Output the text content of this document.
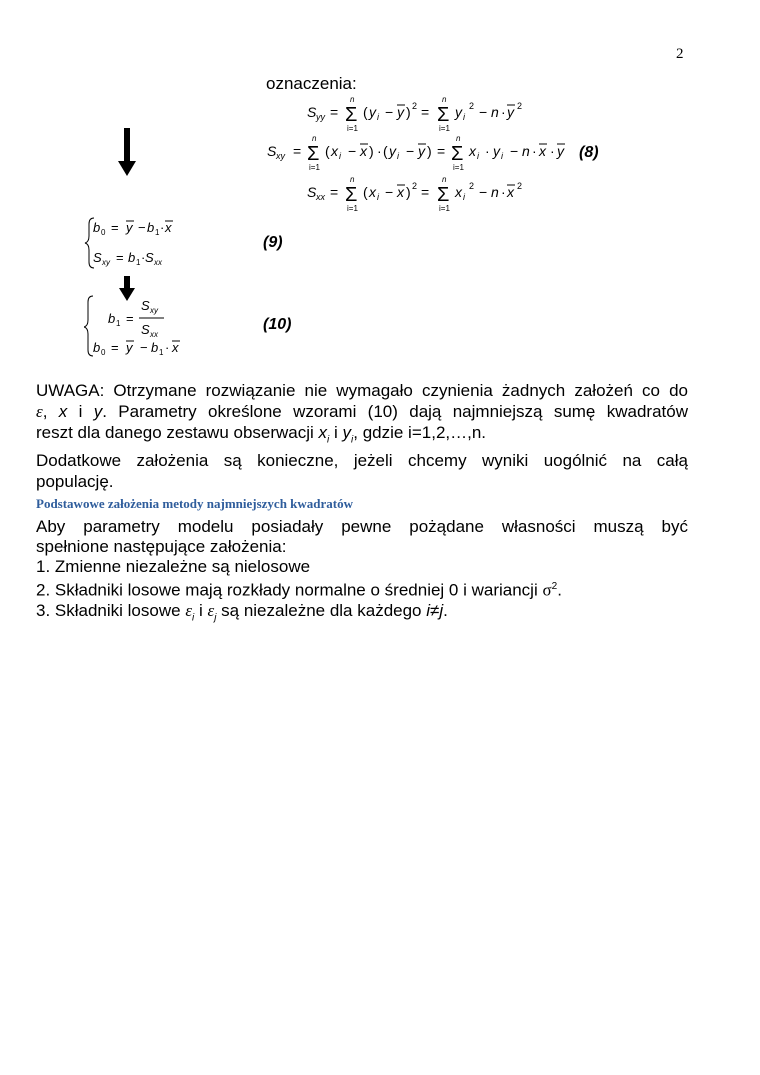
2
oznaczenia:
S yy = Σ
n
i=1
( y i − y ) 2 = Σ
n
i=1
y i
2 − n · y 2
S xy = Σ
n
i=1
( x i − x ) · ( y i − y ) = Σ
n
i=1
x i · y i − n · x · y
S xx = Σ
n
i=1
( x i − x ) 2 = Σ
n
i=1
x i
2 − n · x 2
(8)
b 0 = y − b 1 · x
S xy = b 1 · S xx
(9)
b 1 =
S xy
S xx
b 0 = y − b 1 · x
(10)
UWAGA: Otrzymane rozwiązanie nie wymagało czynienia żadnych założeń co do
ε, x i y. Parametry określone wzorami (10) dają najmniejszą sumę kwadratów
reszt dla danego zestawu obserwacji $x_i$ i $y_i$, gdzie i=1,2,…,n.
Dodatkowe założenia są konieczne, jeżeli chcemy wyniki uogólnić na całą
populację.
Podstawowe założenia metody najmniejszych kwadratów
Aby parametry modelu posiadały pewne pożądane własności muszą być
spełnione następujące założenia:
1. Zmienne niezależne są nielosowe
2. Składniki losowe mają rozkłady normalne o średniej 0 i wariancji $\sigma^2$.
3. Składniki losowe $\varepsilon_i$ i $\varepsilon_j$ są niezależne dla każdego i≠j.
